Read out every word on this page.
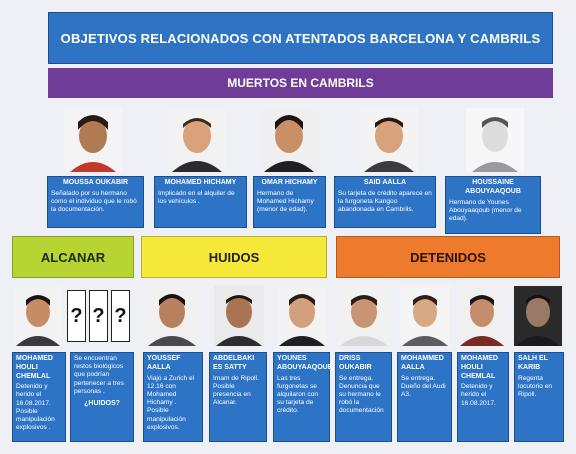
OBJETIVOS RELACIONADOS CON ATENTADOS BARCELONA Y CAMBRILS
MUERTOS EN CAMBRILS
MOUSSA OUKABIR
Señalado por su hermano como el individuo que le robó la documentación.
MOHAMED HICHAMY
Implicado en el alquiler de los vehículos .
OMAR HICHAMY
Hermano de Mohamed Hichamy (menor de edad).
SAID AALLA
Su tarjeta de crédito aparece en la furgoneta Kangoo abandonada en Cambrils.
HOUSSAINE ABOUYAAQOUB
Hermano de Younes Abouyaaqoub (menor de edad).
ALCANAR	HUIDOS	DETENIDOS
? ? ?
MOHAMED HOULI CHEMLAL
Detenido y herido el 16.08.2017. Posible manipulación explosivos .
Se encuentran restos biológicos que podrían pertenecer a tres personas .
¿HUIDOS?
YOUSSEF AALLA
Viajó a Zurich el 12.16 con Mohamed Hichamy . Posible manipulación explosivos.
ABDELBAKI ES SATTY
Imam de Ripoll. Posible presencia en Alcanar.
YOUNES ABOUYAAQOUB
Las tres furgonetas se alquilaron con su tarjeta de crédito.
DRISS OUKABIR
Se entrega. Denuncia que su hermano le robó la documentación
MOHAMMED AALLA
Se entrega. Dueño del Audi A3.
MOHAMED HOULI CHEMLAL
Detenido y herido el 16.08.2017.
SALH EL KARIB
Regenta locutorio en Ripoll.
